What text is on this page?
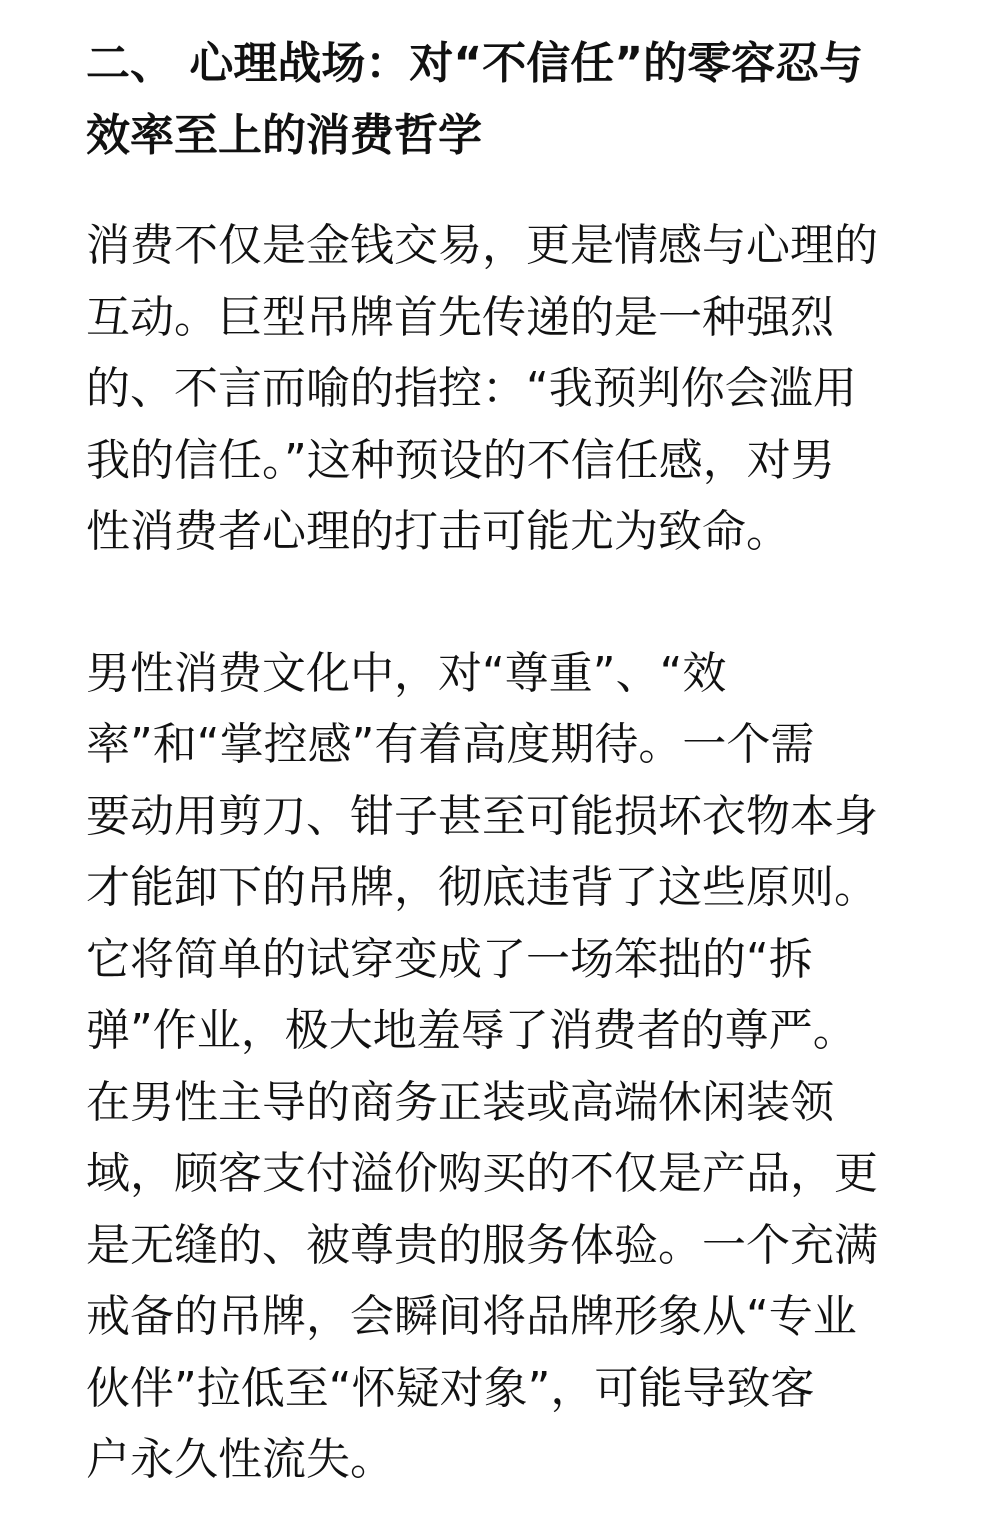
二、 心理战场：对“不信任”的零容忍与
效率至上的消费哲学

消费不仅是金钱交易，更是情感与心理的
互动。巨型吊牌首先传递的是一种强烈
的、不言而喻的指控：“我预判你会滥用
我的信任。”这种预设的不信任感，对男
性消费者心理的打击可能尤为致命。

男性消费文化中，对“尊重”、“效
率”和“掌控感”有着高度期待。一个需
要动用剪刀、钳子甚至可能损坏衣物本身
才能卸下的吊牌，彻底违背了这些原则。
它将简单的试穿变成了一场笨拙的“拆
弹”作业，极大地羞辱了消费者的尊严。
在男性主导的商务正装或高端休闲装领
域，顾客支付溢价购买的不仅是产品，更
是无缝的、被尊贵的服务体验。一个充满
戒备的吊牌，会瞬间将品牌形象从“专业
伙伴”拉低至“怀疑对象”，可能导致客
户永久性流失。
